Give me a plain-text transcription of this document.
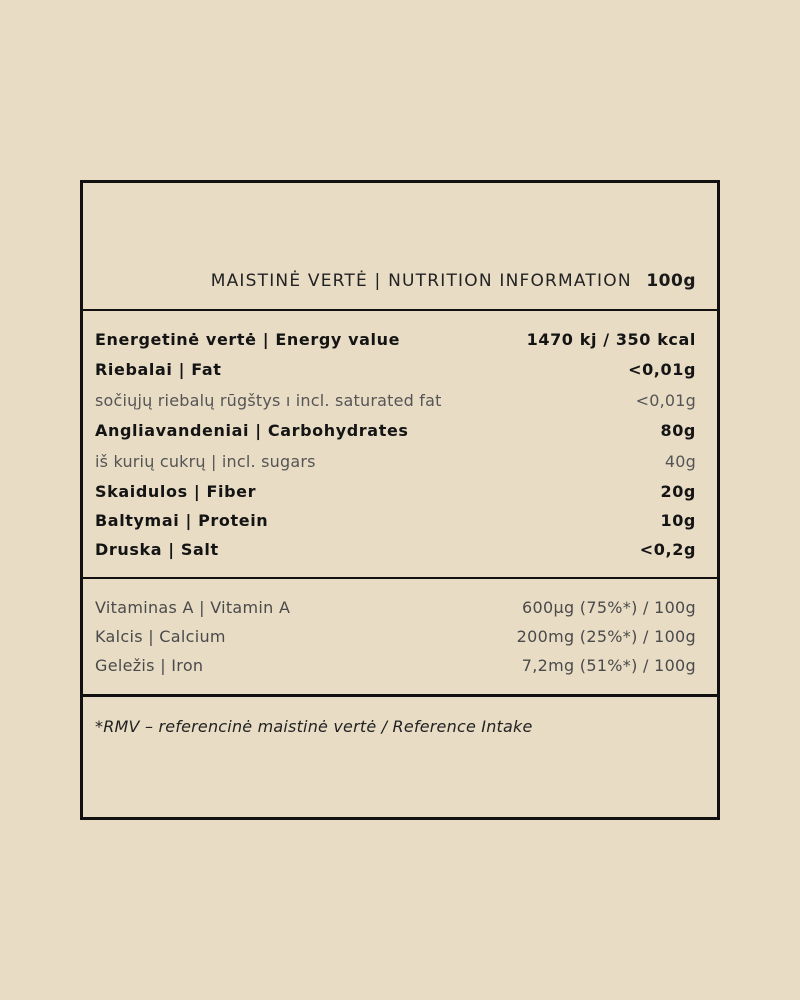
MAISTINĖ VERTĖ | NUTRITION INFORMATION 100g
Energetinė vertė | Energy value	1470 kj / 350 kcal
Riebalai | Fat	<0,01g
sočiųjų riebalų rūgštys ı incl. saturated fat	<0,01g
Angliavandeniai | Carbohydrates	80g
iš kurių cukrų | incl. sugars	40g
Skaidulos | Fiber	20g
Baltymai | Protein	10g
Druska | Salt	<0,2g
Vitaminas A | Vitamin A	600μg (75%*) / 100g
Kalcis | Calcium	200mg (25%*) / 100g
Geležis | Iron	7,2mg (51%*) / 100g
*RMV – referencinė maistinė vertė / Reference Intake
